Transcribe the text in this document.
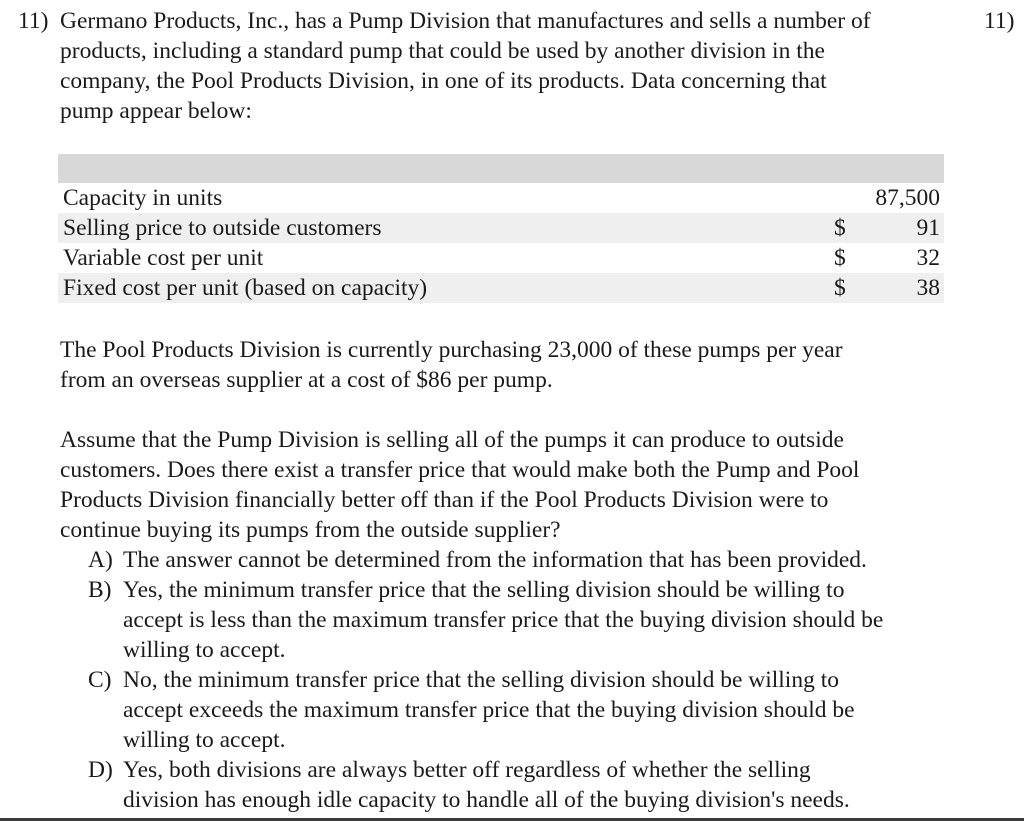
11)	11)
Germano Products, Inc., has a Pump Division that manufactures and sells a number of
products, including a standard pump that could be used by another division in the
company, the Pool Products Division, in one of its products. Data concerning that
pump appear below:
Capacity in units	87,500
Selling price to outside customers	$	91
Variable cost per unit	$	32
Fixed cost per unit (based on capacity)	$	38
The Pool Products Division is currently purchasing 23,000 of these pumps per year
from an overseas supplier at a cost of $86 per pump.
Assume that the Pump Division is selling all of the pumps it can produce to outside
customers. Does there exist a transfer price that would make both the Pump and Pool
Products Division financially better off than if the Pool Products Division were to
continue buying its pumps from the outside supplier?
A) The answer cannot be determined from the information that has been provided.
B) Yes, the minimum transfer price that the selling division should be willing to
accept is less than the maximum transfer price that the buying division should be
willing to accept.
C) No, the minimum transfer price that the selling division should be willing to
accept exceeds the maximum transfer price that the buying division should be
willing to accept.
D) Yes, both divisions are always better off regardless of whether the selling
division has enough idle capacity to handle all of the buying division's needs.
